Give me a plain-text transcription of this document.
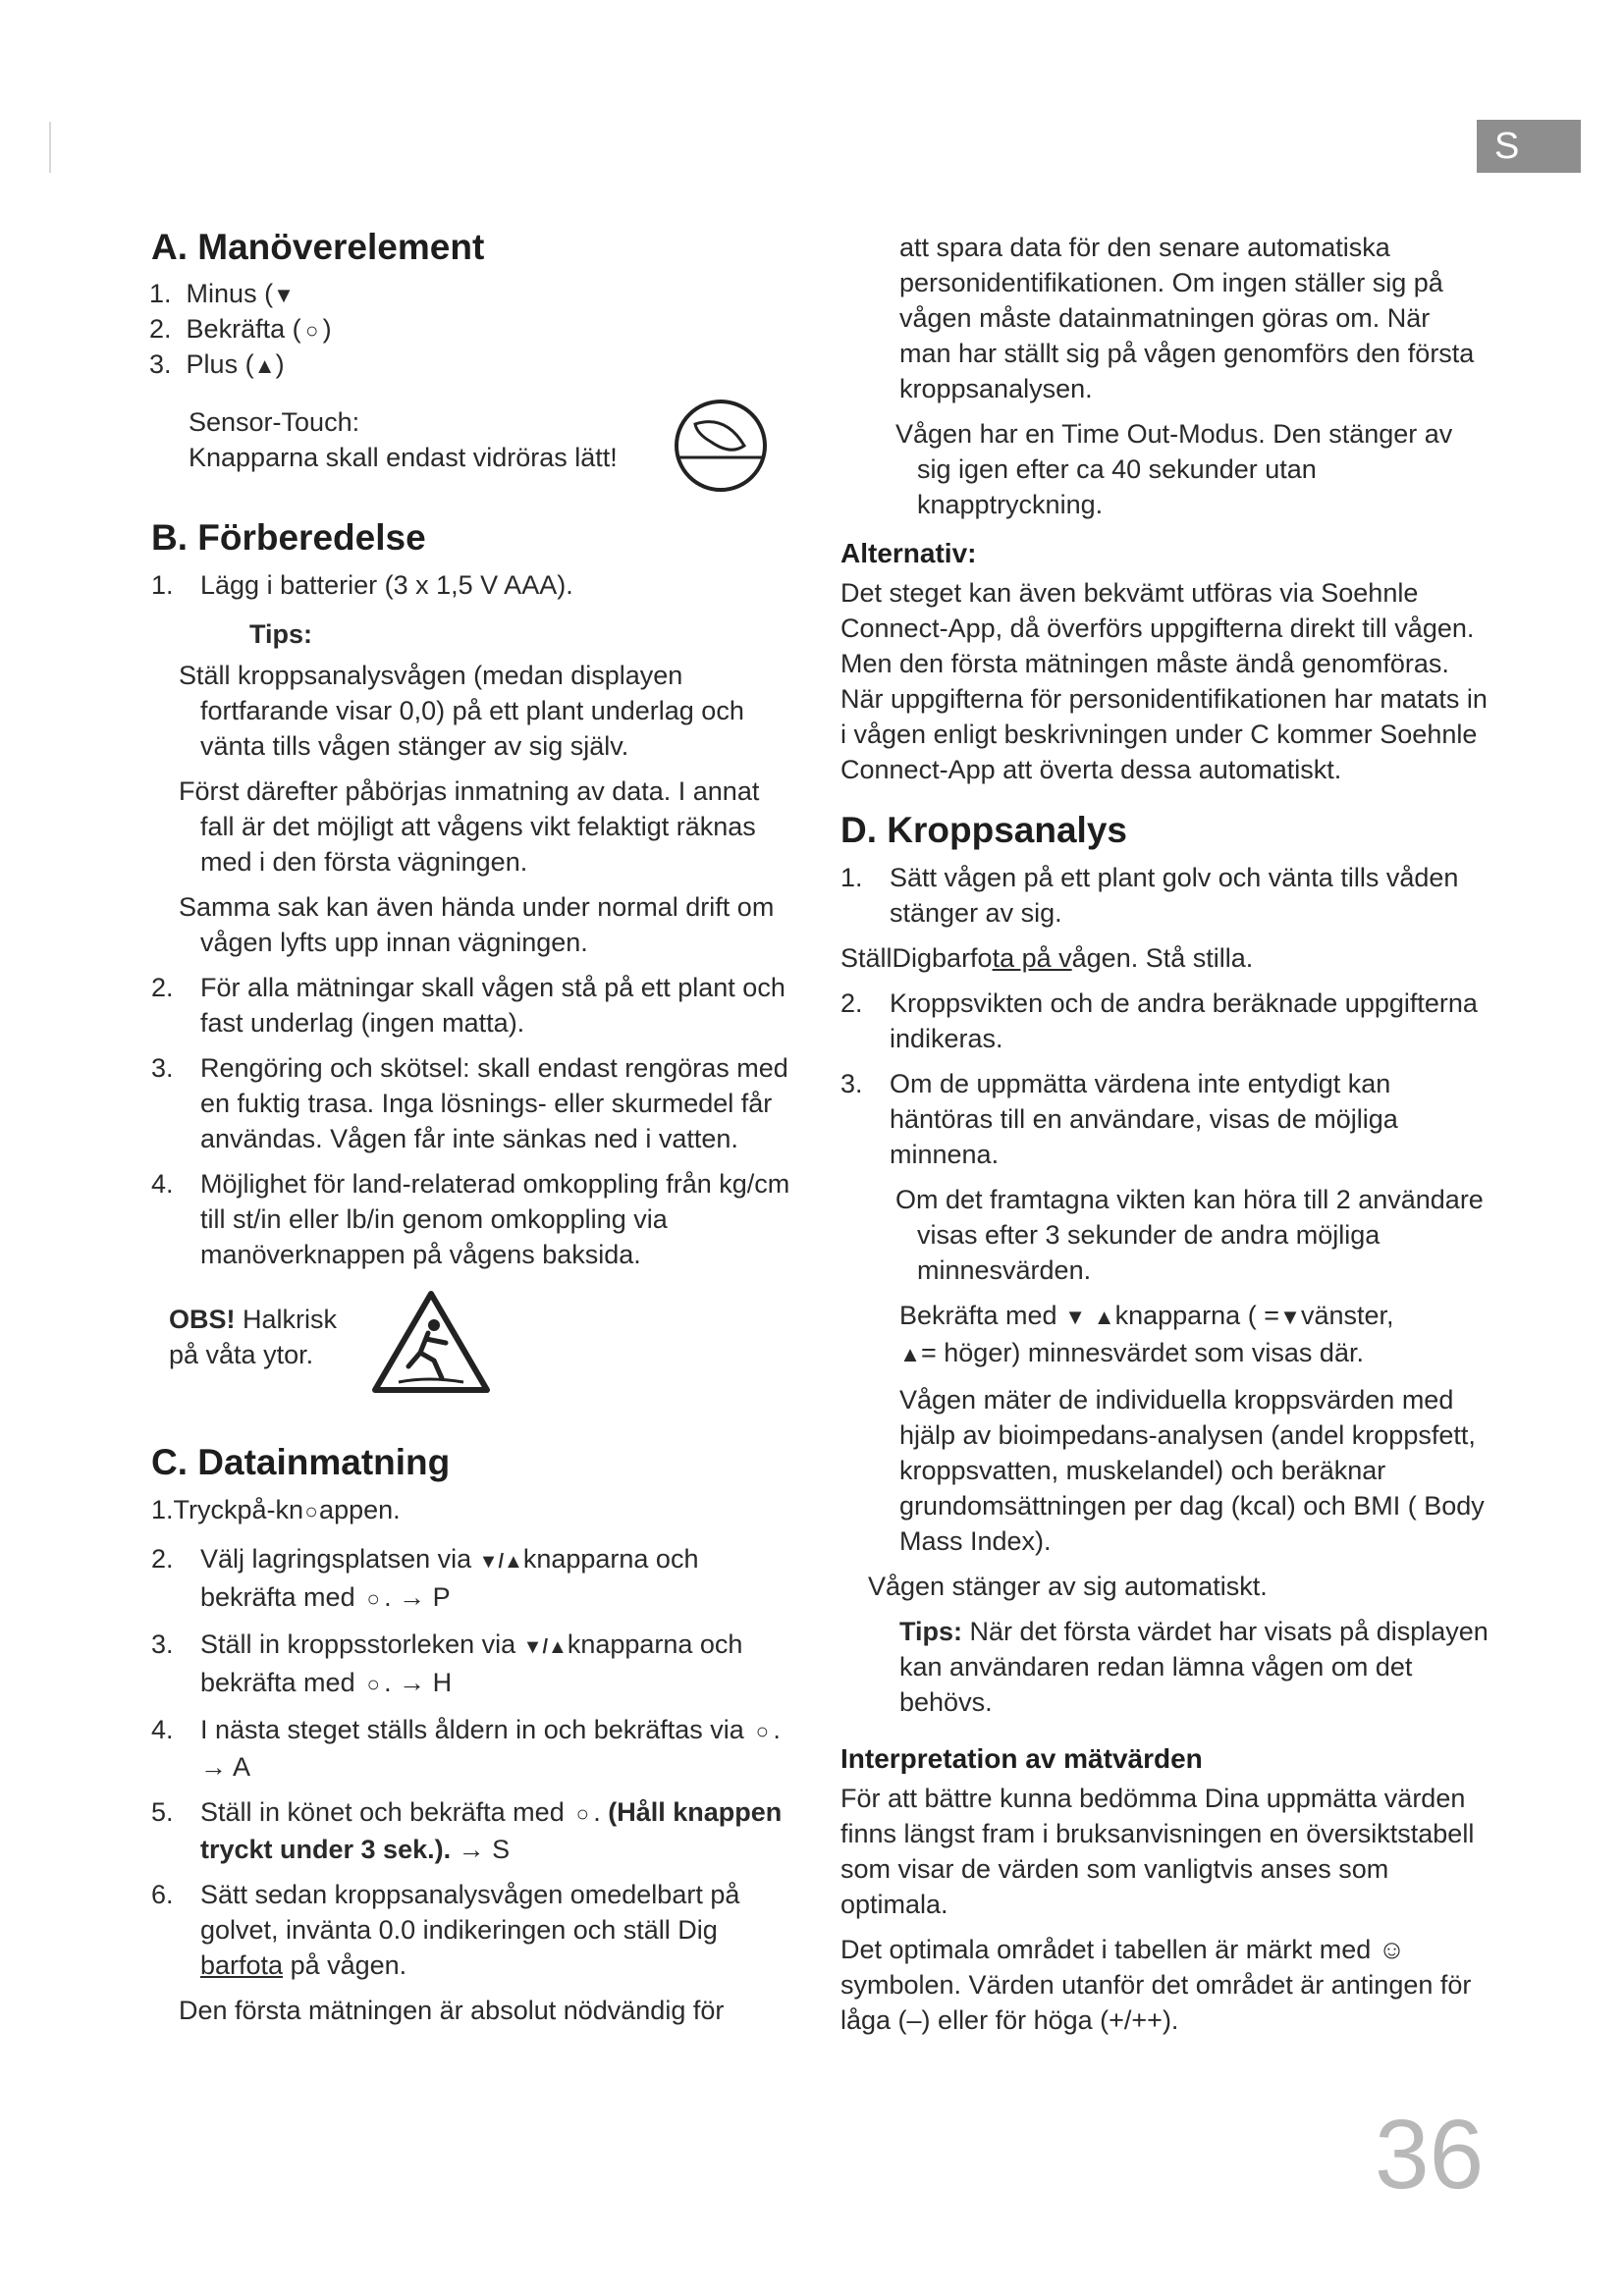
S
A. Manöverelement

1. Minus (▼

2. Bekräfta ( ○ )

3. Plus (▲)

Sensor-Touch:

Knapparna skall endast vidröras lätt!

B. Förberedelse
1. Lägg i batterier (3 x 1,5 V AAA).

Tips:

Ställ kroppsanalysvågen (medan displayen fortfarande visar 0,0) på ett plant underlag och vänta tills vågen stänger av sig själv.

Först därefter påbörjas inmatning av data. I annat fall är det möjligt att vågens vikt felaktigt räknas med i den första vägningen.

Samma sak kan även hända under normal drift om vågen lyfts upp innan vägningen.

2. För alla mätningar skall vågen stå på ett plant och fast underlag (ingen matta).
3. Rengöring och skötsel: skall endast rengöras med en fuktig trasa. Inga lösnings- eller skurmedel får användas. Vågen får inte sänkas ned i vatten.
4. Möjlighet för land-relaterad omkoppling från kg/cm till st/in eller lb/in genom omkoppling via manöverknappen på vågens baksida.

OBS! Halkrisk

på våta ytor.

C. Datainmatning

1.Tryckpå-kn○appen.

2. Välj lagringsplatsen via ▼/▲knapparna och bekräfta med ○ . → P
3. Ställ in kroppsstorleken via ▼/▲knapparna och bekräfta med ○ . → H
4. I nästa steget ställs åldern in och bekräftas via ○ . → A
5. Ställ in könet och bekräfta med ○ . (Håll knappen tryckt under 3 sek.). → S
6. Sätt sedan kroppsanalysvågen omedelbart på golvet, invänta 0.0 indikeringen och ställ Dig barfota på vågen.

Den första mätningen är absolut nödvändig för

att spara data för den senare automatiska personidentifikationen. Om ingen ställer sig på vågen måste datainmatningen göras om. När man har ställt sig på vågen genomförs den första kroppsanalysen.

Vågen har en Time Out-Modus. Den stänger av sig igen efter ca 40 sekunder utan knapptryckning.

Alternativ:

Det steget kan även bekvämt utföras via Soehnle Connect-App, då överförs uppgifterna direkt till vågen. Men den första mätningen måste ändå genomföras. När uppgifterna för personidentifikationen har matats in i vågen enligt beskrivningen under C kommer Soehnle Connect-App att överta dessa automatiskt.

D. Kroppsanalys
1. Sätt vågen på ett plant golv och vänta tills våden stänger av sig.

StällDigbarfota på vågen. Stå stilla.

2. Kroppsvikten och de andra beräknade uppgifterna indikeras.
3. Om de uppmätta värdena inte entydigt kan häntöras till en användare, visas de möjliga minnena.

Om det framtagna vikten kan höra till 2 användare visas efter 3 sekunder de andra möjliga minnesvärden.

Bekräfta med ▼ ▲knapparna ( =▼vänster,
▲= höger) minnesvärdet som visas där.

Vågen mäter de individuella kroppsvärden med hjälp av bioimpedans-analysen (andel kroppsfett, kroppsvatten, muskelandel) och beräknar grundomsättningen per dag (kcal) och BMI ( Body Mass Index).

Vågen stänger av sig automatiskt.

Tips: När det första värdet har visats på displayen kan användaren redan lämna vågen om det behövs.

Interpretation av mätvärden

För att bättre kunna bedömma Dina uppmätta värden finns längst fram i bruksanvisningen en översiktstabell som visar de värden som vanligtvis anses som optimala.

Det optimala området i tabellen är märkt med ☺ symbolen. Värden utanför det området är antingen för låga (–) eller för höga (+/++).

36
